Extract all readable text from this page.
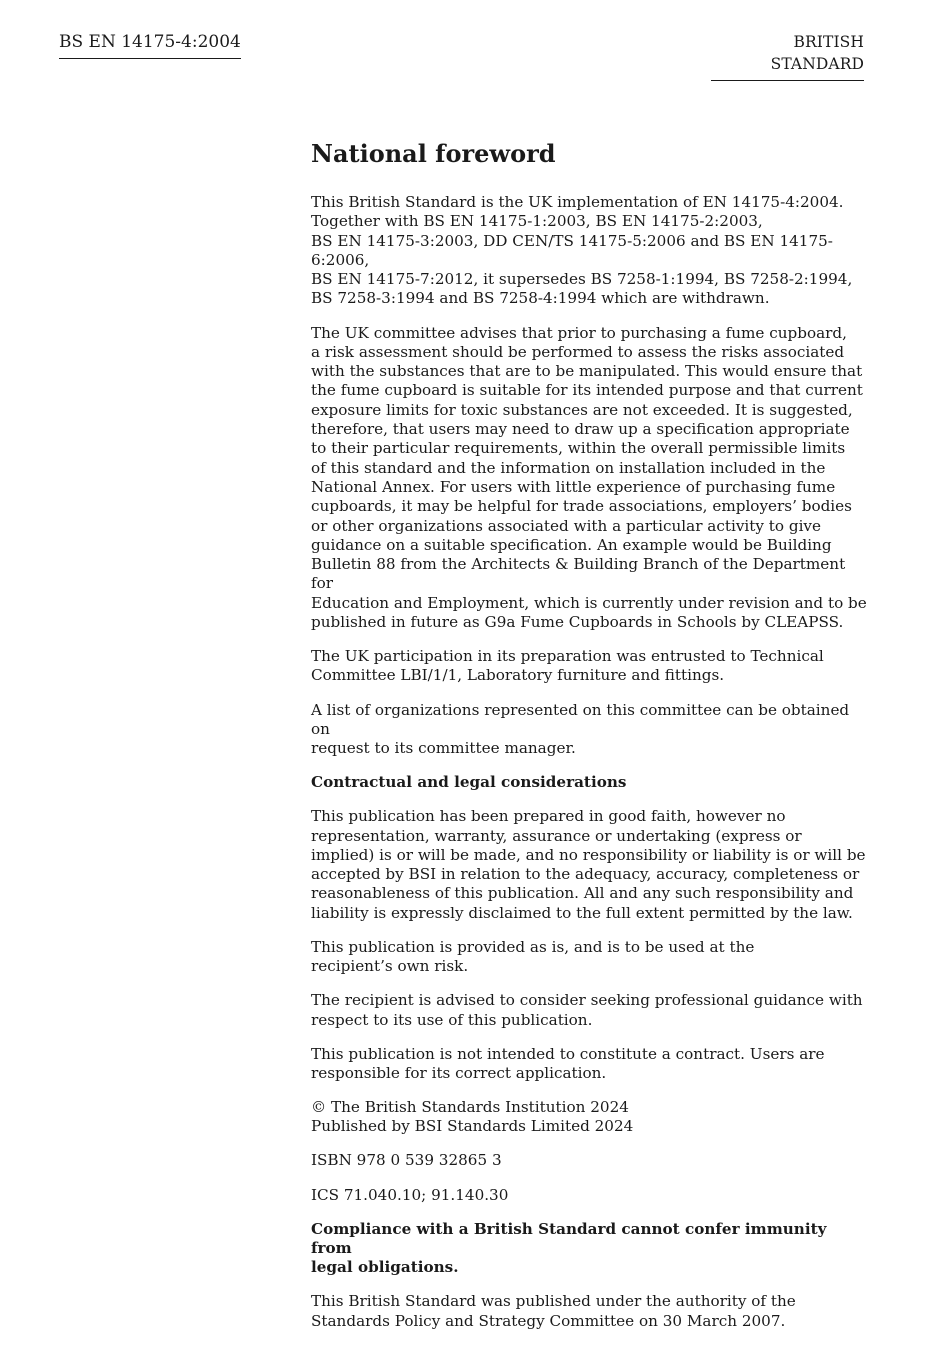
BS EN 14175-4:2004	BRITISH STANDARD
National foreword

This British Standard is the UK implementation of EN 14175-4:2004.
Together with BS EN 14175-1:2003, BS EN 14175-2:2003,
BS EN 14175-3:2003, DD CEN/TS 14175-5:2006 and BS EN 14175-6:2006,
BS EN 14175-7:2012, it supersedes BS 7258-1:1994, BS 7258-2:1994,
BS 7258-3:1994 and BS 7258-4:1994 which are withdrawn.

The UK committee advises that prior to purchasing a fume cupboard,
a risk assessment should be performed to assess the risks associated
with the substances that are to be manipulated. This would ensure that
the fume cupboard is suitable for its intended purpose and that current
exposure limits for toxic substances are not exceeded. It is suggested,
therefore, that users may need to draw up a specification appropriate
to their particular requirements, within the overall permissible limits
of this standard and the information on installation included in the
National Annex. For users with little experience of purchasing fume
cupboards, it may be helpful for trade associations, employers’ bodies
or other organizations associated with a particular activity to give
guidance on a suitable specification. An example would be Building
Bulletin 88 from the Architects & Building Branch of the Department for
Education and Employment, which is currently under revision and to be
published in future as G9a Fume Cupboards in Schools by CLEAPSS.

The UK participation in its preparation was entrusted to Technical
Committee LBI/1/1, Laboratory furniture and fittings.

A list of organizations represented on this committee can be obtained on
request to its committee manager.

Contractual and legal considerations

This publication has been prepared in good faith, however no
representation, warranty, assurance or undertaking (express or
implied) is or will be made, and no responsibility or liability is or will be
accepted by BSI in relation to the adequacy, accuracy, completeness or
reasonableness of this publication. All and any such responsibility and
liability is expressly disclaimed to the full extent permitted by the law.

This publication is provided as is, and is to be used at the
recipient’s own risk.

The recipient is advised to consider seeking professional guidance with
respect to its use of this publication.

This publication is not intended to constitute a contract. Users are
responsible for its correct application.

© The British Standards Institution 2024
Published by BSI Standards Limited 2024

ISBN 978 0 539 32865 3

ICS 71.040.10; 91.140.30

Compliance with a British Standard cannot confer immunity from
legal obligations.

This British Standard was published under the authority of the
Standards Policy and Strategy Committee on 30 March 2007.
